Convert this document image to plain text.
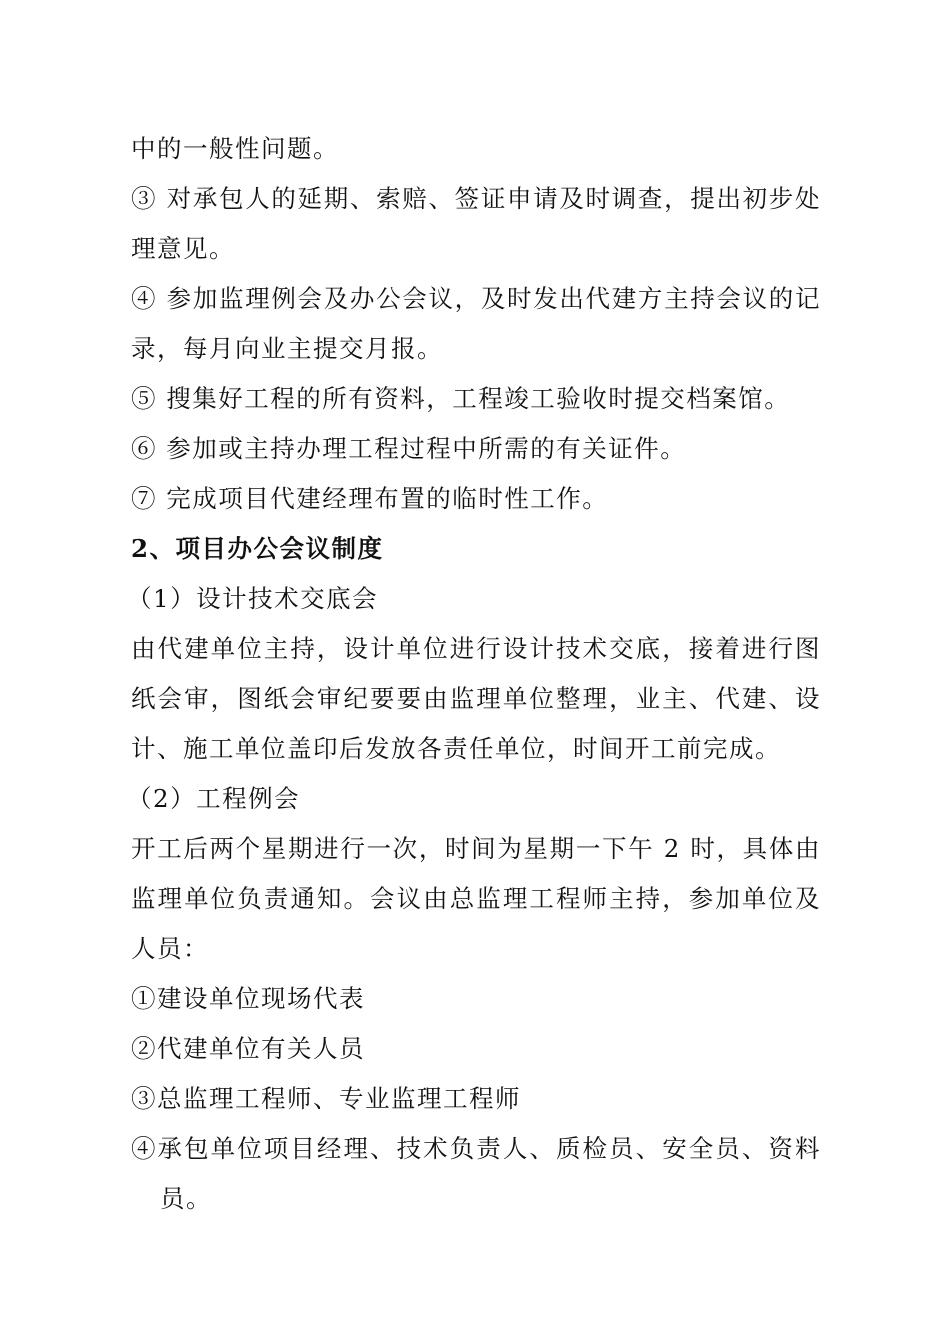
中的一般性问题。
③ 对承包人的延期、索赔、签证申请及时调查，提出初步处
理意见。
④ 参加监理例会及办公会议，及时发出代建方主持会议的记
录，每月向业主提交月报。
⑤ 搜集好工程的所有资料，工程竣工验收时提交档案馆。
⑥ 参加或主持办理工程过程中所需的有关证件。
⑦ 完成项目代建经理布置的临时性工作。
2、项目办公会议制度
（1）设计技术交底会
由代建单位主持，设计单位进行设计技术交底，接着进行图
纸会审，图纸会审纪要要由监理单位整理，业主、代建、设
计、施工单位盖印后发放各责任单位，时间开工前完成。
（2）工程例会
开工后两个星期进行一次，时间为星期一下午 2 时，具体由
监理单位负责通知。会议由总监理工程师主持，参加单位及
人员：
①建设单位现场代表
②代建单位有关人员
③总监理工程师、专业监理工程师
④承包单位项目经理、技术负责人、质检员、安全员、资料
员。
